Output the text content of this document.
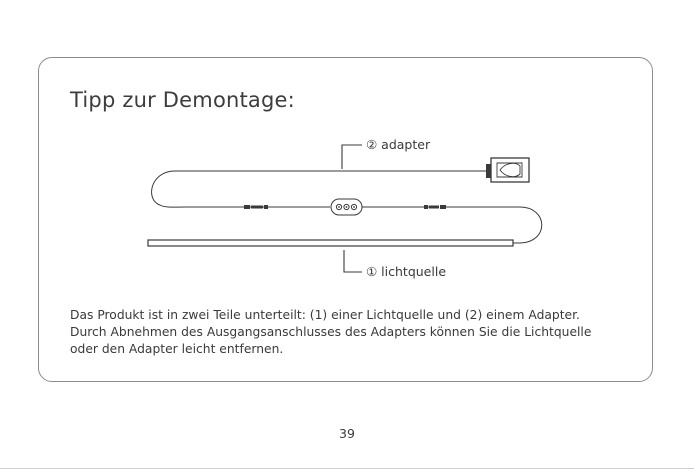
Tipp zur Demontage:
② adapter
① lichtquelle

Das Produkt ist in zwei Teile unterteilt: (1) einer Lichtquelle und (2) einem Adapter.

Durch Abnehmen des Ausgangsanschlusses des Adapters können Sie die Lichtquelle

oder den Adapter leicht entfernen.

39
